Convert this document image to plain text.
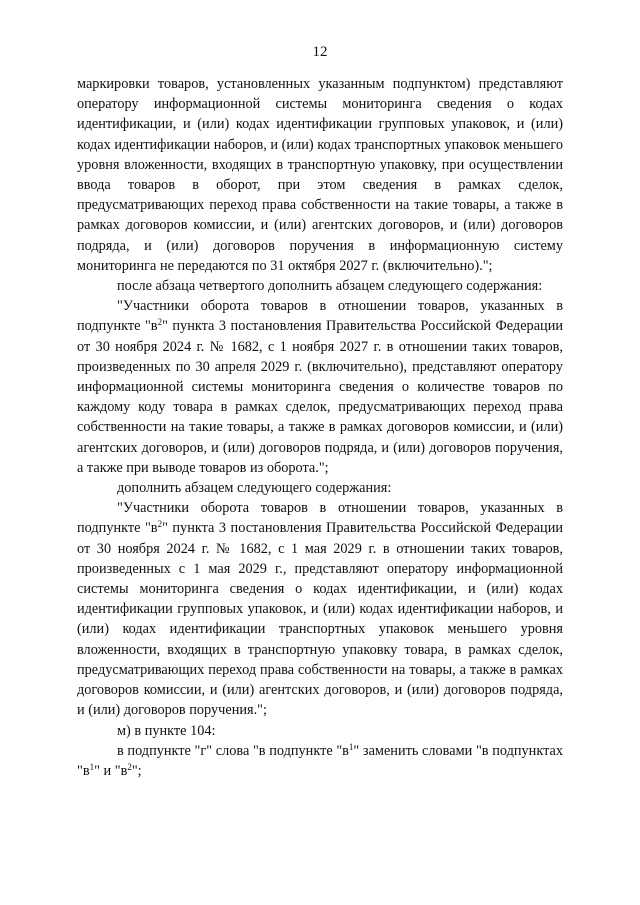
12

маркировки товаров, установленных указанным подпунктом) представляют оператору информационной системы мониторинга сведения о кодах идентификации, и (или) кодах идентификации групповых упаковок, и (или) кодах идентификации наборов, и (или) кодах транспортных упаковок меньшего уровня вложенности, входящих в транспортную упаковку, при осуществлении ввода товаров в оборот, при этом сведения в рамках сделок, предусматривающих переход права собственности на такие товары, а также в рамках договоров комиссии, и (или) агентских договоров, и (или) договоров подряда, и (или) договоров поручения в информационную систему мониторинга не передаются по 31 октября 2027 г. (включительно).";

после абзаца четвертого дополнить абзацем следующего содержания:

"Участники оборота товаров в отношении товаров, указанных в подпункте "$в^2$" пункта 3 постановления Правительства Российской Федерации от 30 ноября 2024 г. № 1682, с 1 ноября 2027 г. в отношении таких товаров, произведенных по 30 апреля 2029 г. (включительно), представляют оператору информационной системы мониторинга сведения о количестве товаров по каждому коду товара в рамках сделок, предусматривающих переход права собственности на такие товары, а также в рамках договоров комиссии, и (или) агентских договоров, и (или) договоров подряда, и (или) договоров поручения, а также при выводе товаров из оборота.";

дополнить абзацем следующего содержания:

"Участники оборота товаров в отношении товаров, указанных в подпункте "$в^2$" пункта 3 постановления Правительства Российской Федерации от 30 ноября 2024 г. № 1682, с 1 мая 2029 г. в отношении таких товаров, произведенных с 1 мая 2029 г., представляют оператору информационной системы мониторинга сведения о кодах идентификации, и (или) кодах идентификации групповых упаковок, и (или) кодах идентификации наборов, и (или) кодах идентификации транспортных упаковок меньшего уровня вложенности, входящих в транспортную упаковку товара, в рамках сделок, предусматривающих переход права собственности на товары, а также в рамках договоров комиссии, и (или) агентских договоров, и (или) договоров подряда, и (или) договоров поручения.";

м) в пункте 104:

в подпункте "г" слова "в подпункте "$в^1$" заменить словами "в подпунктах "$в^1$" и "$в^2$";
